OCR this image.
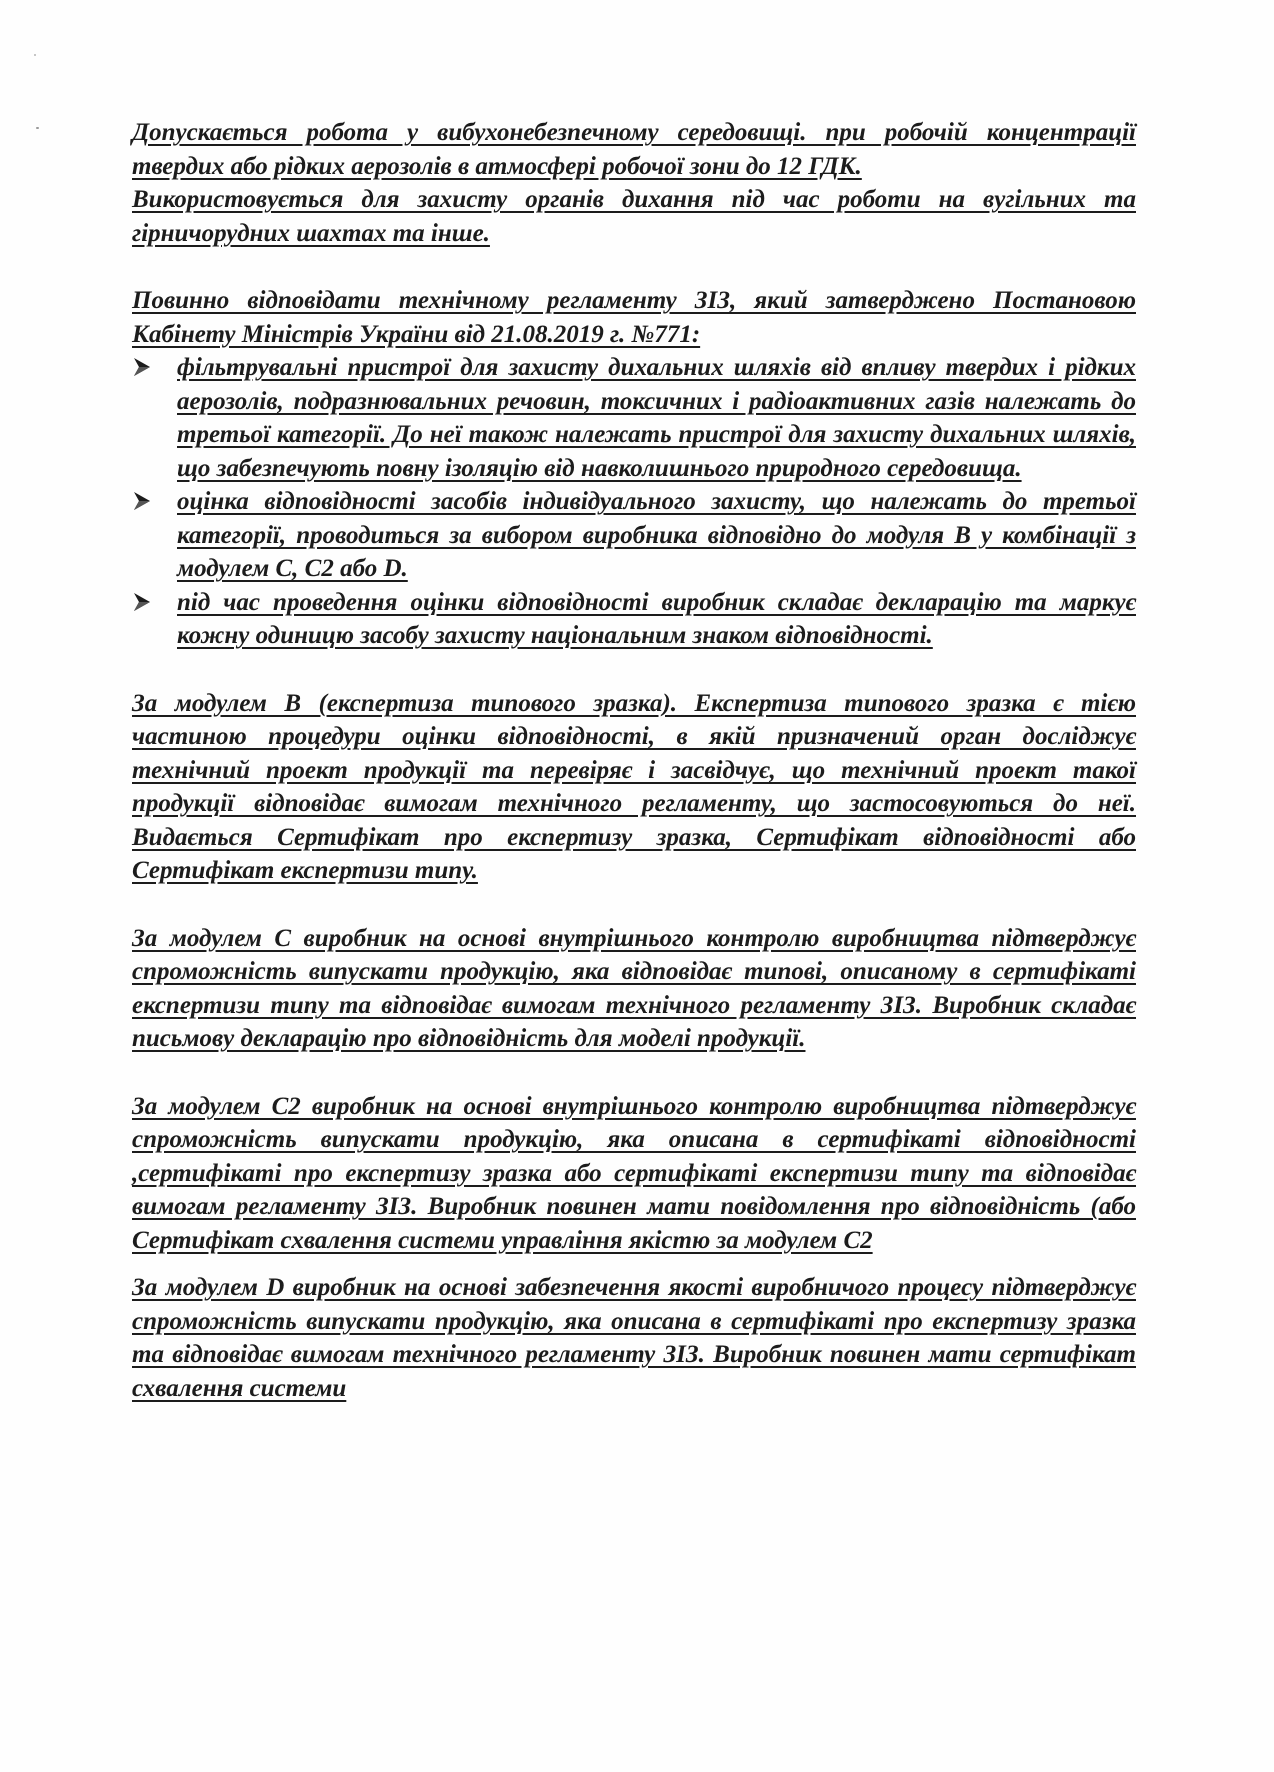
Допускається робота у вибухонебезпечному середовищі. при робочій концентрації твердих або рідких аерозолів в атмосфері робочої зони до 12 ГДК.

Використовується для захисту органів дихання під час роботи на вугільних та гірничорудних шахтах та інше.

Повинно відповідати технічному регламенту ЗІЗ, який затверджено Постановою Кабінету Міністрів України від 21.08.2019 г. №771:

фільтрувальні пристрої для захисту дихальних шляхів від впливу твердих і рідких аерозолів, подразнювальних речовин, токсичних і радіоактивних газів належать до третьої категорії. До неї також належать пристрої для захисту дихальних шляхів, що забезпечують повну ізоляцію від навколишнього природного середовища.

оцінка відповідності засобів індивідуального захисту, що належать до третьої категорії, проводиться за вибором виробника відповідно до модуля В у комбінації з модулем С, С2 або D.

під час проведення оцінки відповідності виробник складає декларацію та маркує кожну одиницю засобу захисту національним знаком відповідності.

За модулем В (експертиза типового зразка). Експертиза типового зразка є тією частиною процедури оцінки відповідності, в якій призначений орган досліджує технічний проект продукції та перевіряє і засвідчує, що технічний проект такої продукції відповідає вимогам технічного регламенту, що застосовуються до неї. Видається Сертифікат про експертизу зразка, Сертифікат відповідності або Сертифікат експертизи типу.

За модулем С виробник на основі внутрішнього контролю виробництва підтверджує спроможність випускати продукцію, яка відповідає типові, описаному в сертифікаті експертизи типу та відповідає вимогам технічного регламенту ЗІЗ. Виробник складає письмову декларацію про відповідність для моделі продукції.

За модулем С2 виробник на основі внутрішнього контролю виробництва підтверджує спроможність випускати продукцію, яка описана в сертифікаті відповідності ,сертифікаті про експертизу зразка або сертифікаті експертизи типу та відповідає вимогам регламенту ЗІЗ. Виробник повинен мати повідомлення про відповідність (або Сертифікат схвалення системи управління якістю за модулем С2

За модулем D виробник на основі забезпечення якості виробничого процесу підтверджує спроможність випускати продукцію, яка описана в сертифікаті про експертизу зразка та відповідає вимогам технічного регламенту ЗІЗ. Виробник повинен мати сертифікат схвалення системи
